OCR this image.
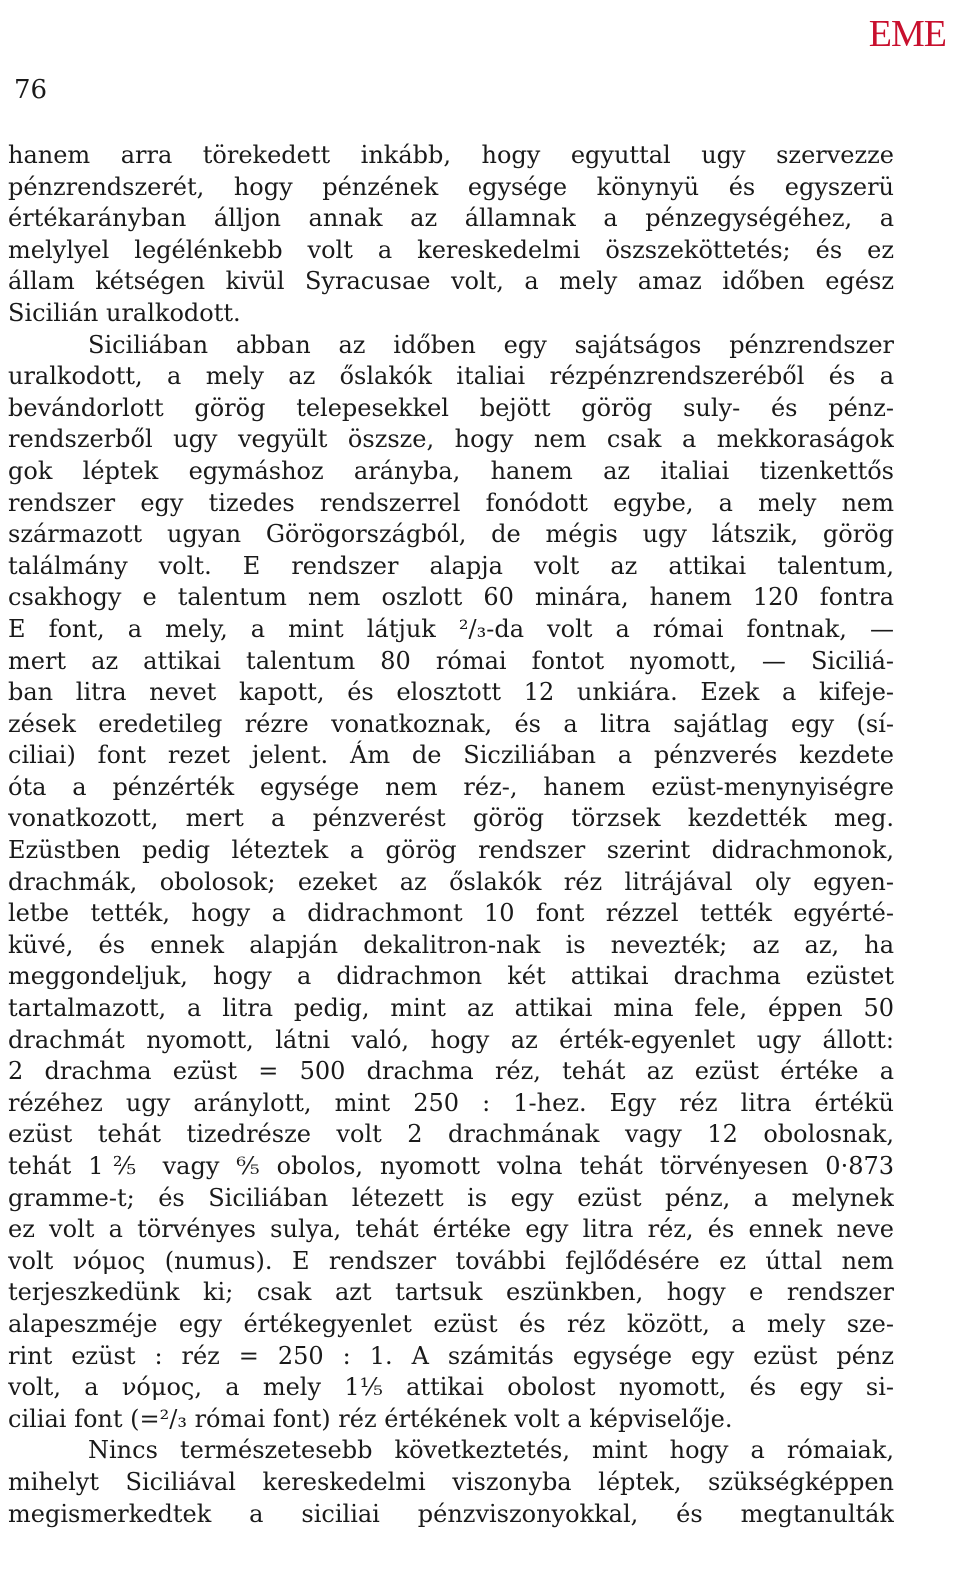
76
EME
hanem arra törekedett inkább, hogy egyuttal ugy szervezze
pénzrendszerét, hogy pénzének egysége könynyü és egyszerü
értékarányban álljon annak az államnak a pénzegységéhez, a
melylyel legélénkebb volt a kereskedelmi öszszeköttetés; és ez
állam kétségen kivül Syracusae volt, a mely amaz időben egész
Sicilián uralkodott.
Siciliában abban az időben egy sajátságos pénzrendszer
uralkodott, a mely az őslakók italiai rézpénzrendszeréből és a
bevándorlott görög telepesekkel bejött görög suly- és pénz-
rendszerből ugy vegyült öszsze, hogy nem csak a mekkoraságok
gok léptek egymáshoz arányba, hanem az italiai tizenkettős
rendszer egy tizedes rendszerrel fonódott egybe, a mely nem
származott ugyan Görögországból, de mégis ugy látszik, görög
találmány volt. E rendszer alapja volt az attikai talentum,
csakhogy e talentum nem oszlott 60 minára, hanem 120 fontra
E font, a mely, a mint látjuk ²/₃-da volt a római fontnak, —
mert az attikai talentum 80 római fontot nyomott, — Siciliá-
ban litra nevet kapott, és elosztott 12 unkiára. Ezek a kifeje-
zések eredetileg rézre vonatkoznak, és a litra sajátlag egy (sí-
ciliai) font rezet jelent. Ám de Sicziliában a pénzverés kezdete
óta a pénzérték egysége nem réz-, hanem ezüst-menynyiségre
vonatkozott, mert a pénzverést görög törzsek kezdették meg.
Ezüstben pedig léteztek a görög rendszer szerint didrachmonok,
drachmák, obolosok; ezeket az őslakók réz litrájával oly egyen-
letbe tették, hogy a didrachmont 10 font rézzel tették egyérté-
küvé, és ennek alapján dekalitron-nak is nevezték; az az, ha
meggondeljuk, hogy a didrachmon két attikai drachma ezüstet
tartalmazott, a litra pedig, mint az attikai mina fele, éppen 50
drachmát nyomott, látni való, hogy az érték-egyenlet ugy állott:
2 drachma ezüst = 500 drachma réz, tehát az ezüst értéke a
rézéhez ugy aránylott, mint 250 : 1-hez. Egy réz litra értékü
ezüst tehát tizedrésze volt 2 drachmának vagy 12 obolosnak,
tehát 1⅖ vagy ⁶⁄₅ obolos, nyomott volna tehát törvényesen 0·873
gramme-t; és Siciliában létezett is egy ezüst pénz, a melynek
ez volt a törvényes sulya, tehát értéke egy litra réz, és ennek neve
volt νόμος (numus). E rendszer további fejlődésére ez úttal nem
terjeszkedünk ki; csak azt tartsuk eszünkben, hogy e rendszer
alapeszméje egy értékegyenlet ezüst és réz között, a mely sze-
rint ezüst : réz = 250 : 1. A számitás egysége egy ezüst pénz
volt, a νόμος, a mely 1¹⁄₅ attikai obolost nyomott, és egy si-
ciliai font (=²/₃ római font) réz értékének volt a képviselője.
Nincs természetesebb következtetés, mint hogy a rómaiak,
mihelyt Siciliával kereskedelmi viszonyba léptek, szükségképpen
megismerkedtek a siciliai pénzviszonyokkal, és megtanulták
